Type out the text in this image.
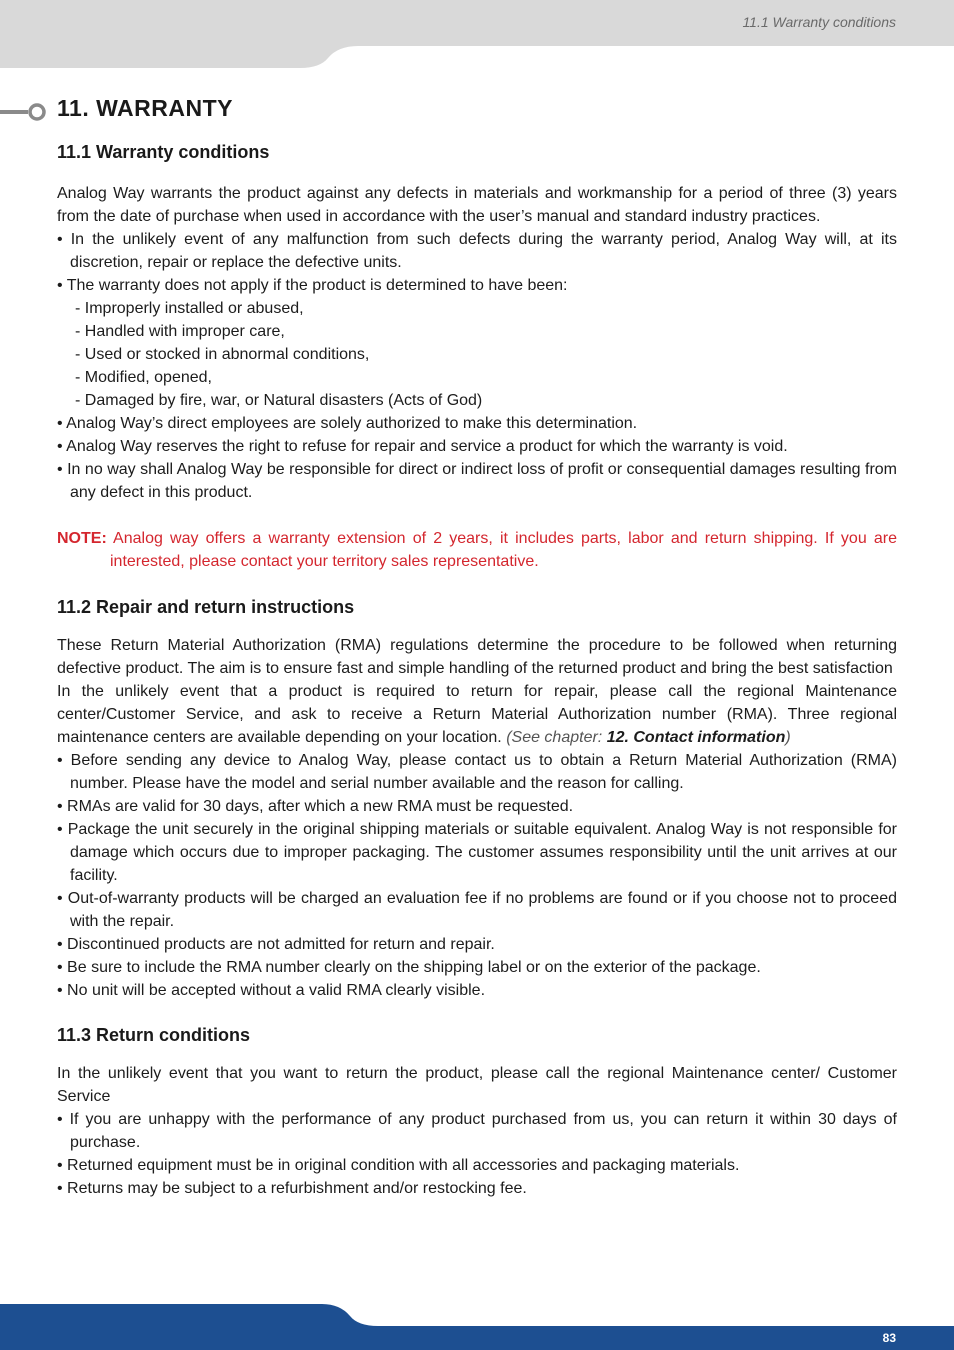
11.1 Warranty conditions
11. WARRANTY
11.1 Warranty conditions

Analog Way warrants the product against any defects in materials and workmanship for a period of three (3) years from the date of purchase when used in accordance with the user’s manual and standard industry practices.

• In the unlikely event of any malfunction from such defects during the warranty period, Analog Way will, at its discretion, repair or replace the defective units.

• The warranty does not apply if the product is determined to have been:

- Improperly installed or abused,

- Handled with improper care,

- Used or stocked in abnormal conditions,

- Modified, opened,

- Damaged by fire, war, or Natural disasters (Acts of God)

• Analog Way’s direct employees are solely authorized to make this determination.

• Analog Way reserves the right to refuse for repair and service a product for which the warranty is void.

• In no way shall Analog Way be responsible for direct or indirect loss of profit or consequential damages resulting from any defect in this product.

NOTE: Analog way offers a warranty extension of 2 years, it includes parts, labor and return shipping. If you are interested, please contact your territory sales representative.

11.2 Repair and return instructions

These Return Material Authorization (RMA) regulations determine the procedure to be followed when returning defective product. The aim is to ensure fast and simple handling of the returned product and bring the best satisfaction

In the unlikely event that a product is required to return for repair, please call the regional Maintenance center/Customer Service, and ask to receive a Return Material Authorization number (RMA). Three regional maintenance centers are available depending on your location. (See chapter: 12. Contact information)

• Before sending any device to Analog Way, please contact us to obtain a Return Material Authorization (RMA) number. Please have the model and serial number available and the reason for calling.

• RMAs are valid for 30 days, after which a new RMA must be requested.

• Package the unit securely in the original shipping materials or suitable equivalent. Analog Way is not responsible for damage which occurs due to improper packaging. The customer assumes responsibility until the unit arrives at our facility.

• Out-of-warranty products will be charged an evaluation fee if no problems are found or if you choose not to proceed with the repair.

• Discontinued products are not admitted for return and repair.

• Be sure to include the RMA number clearly on the shipping label or on the exterior of the package.

• No unit will be accepted without a valid RMA clearly visible.

11.3 Return conditions

In the unlikely event that you want to return the product, please call the regional Maintenance center/ Customer Service

• If you are unhappy with the performance of any product purchased from us, you can return it within 30 days of purchase.

• Returned equipment must be in original condition with all accessories and packaging materials.

• Returns may be subject to a refurbishment and/or restocking fee.

83
